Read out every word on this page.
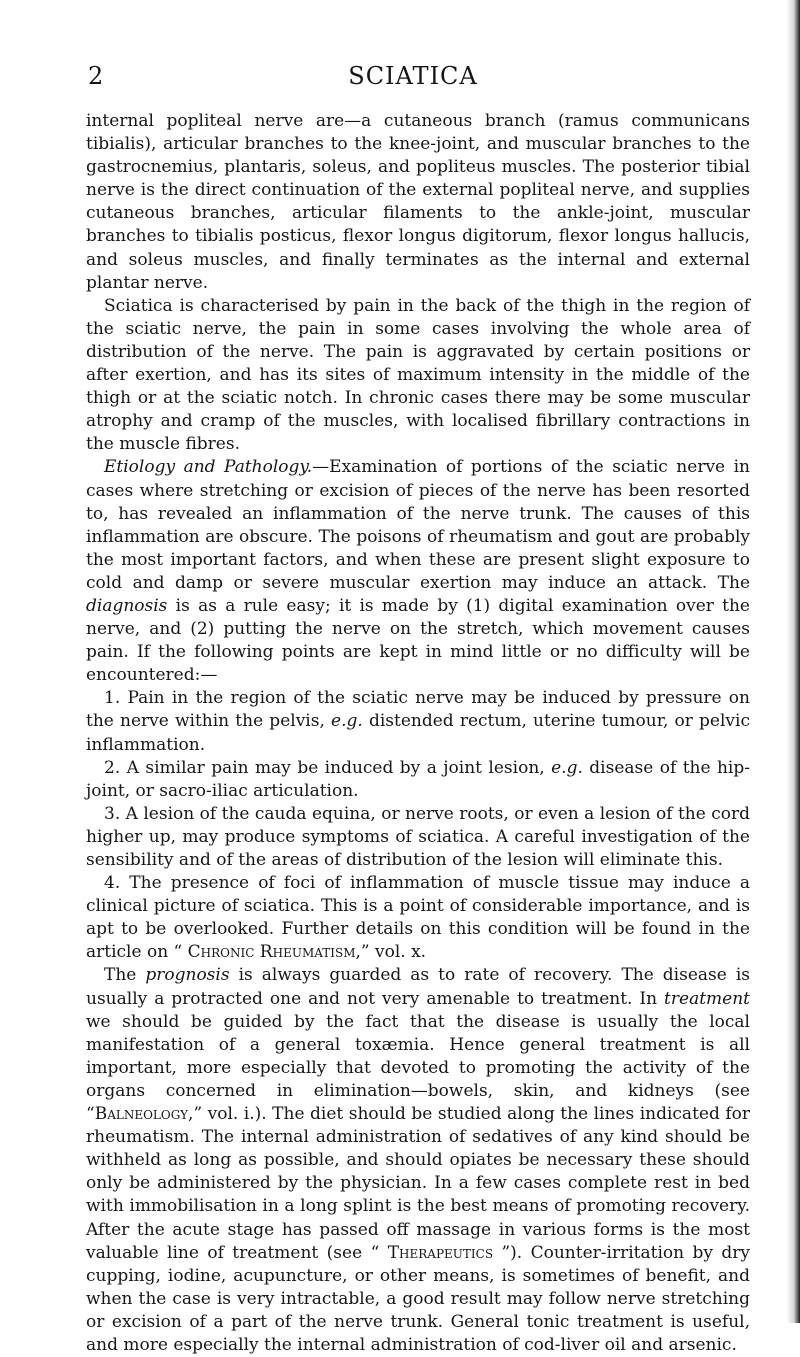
2	SCIATICA

internal popliteal nerve are—a cutaneous branch (ramus communicans tibialis), articular branches to the knee-joint, and muscular branches to the gastrocnemius, plantaris, soleus, and popliteus muscles. The posterior tibial nerve is the direct continuation of the external popliteal nerve, and supplies cutaneous branches, articular filaments to the ankle-joint, muscular branches to tibialis posticus, flexor longus digitorum, flexor longus hallucis, and soleus muscles, and finally terminates as the internal and external plantar nerve.

Sciatica is characterised by pain in the back of the thigh in the region of the sciatic nerve, the pain in some cases involving the whole area of distribution of the nerve. The pain is aggravated by certain positions or after exertion, and has its sites of maximum intensity in the middle of the thigh or at the sciatic notch. In chronic cases there may be some muscular atrophy and cramp of the muscles, with localised fibrillary contractions in the muscle fibres.

Etiology and Pathology.—Examination of portions of the sciatic nerve in cases where stretching or excision of pieces of the nerve has been resorted to, has revealed an inflammation of the nerve trunk. The causes of this inflammation are obscure. The poisons of rheumatism and gout are probably the most important factors, and when these are present slight exposure to cold and damp or severe muscular exertion may induce an attack. The diagnosis is as a rule easy; it is made by (1) digital examination over the nerve, and (2) putting the nerve on the stretch, which movement causes pain. If the following points are kept in mind little or no difficulty will be encountered:—

1. Pain in the region of the sciatic nerve may be induced by pressure on the nerve within the pelvis, e.g. distended rectum, uterine tumour, or pelvic inflammation.

2. A similar pain may be induced by a joint lesion, e.g. disease of the hip-joint, or sacro-iliac articulation.

3. A lesion of the cauda equina, or nerve roots, or even a lesion of the cord higher up, may produce symptoms of sciatica. A careful investigation of the sensibility and of the areas of distribution of the lesion will eliminate this.

4. The presence of foci of inflammation of muscle tissue may induce a clinical picture of sciatica. This is a point of considerable importance, and is apt to be overlooked. Further details on this condition will be found in the article on “ Chronic Rheumatism,” vol. x.

The prognosis is always guarded as to rate of recovery. The disease is usually a protracted one and not very amenable to treatment. In treatment we should be guided by the fact that the disease is usually the local manifestation of a general toxæmia. Hence general treatment is all important, more especially that devoted to promoting the activity of the organs concerned in elimination—bowels, skin, and kidneys (see “Balneology,” vol. i.). The diet should be studied along the lines indicated for rheumatism. The internal administration of sedatives of any kind should be withheld as long as possible, and should opiates be necessary these should only be administered by the physician. In a few cases complete rest in bed with immobilisation in a long splint is the best means of promoting recovery. After the acute stage has passed off massage in various forms is the most valuable line of treatment (see “ Therapeutics ”). Counter-irritation by dry cupping, iodine, acupuncture, or other means, is sometimes of benefit, and when the case is very intractable, a good result may follow nerve stretching or excision of a part of the nerve trunk. General tonic treatment is useful, and more especially the internal administration of cod-liver oil and arsenic.
